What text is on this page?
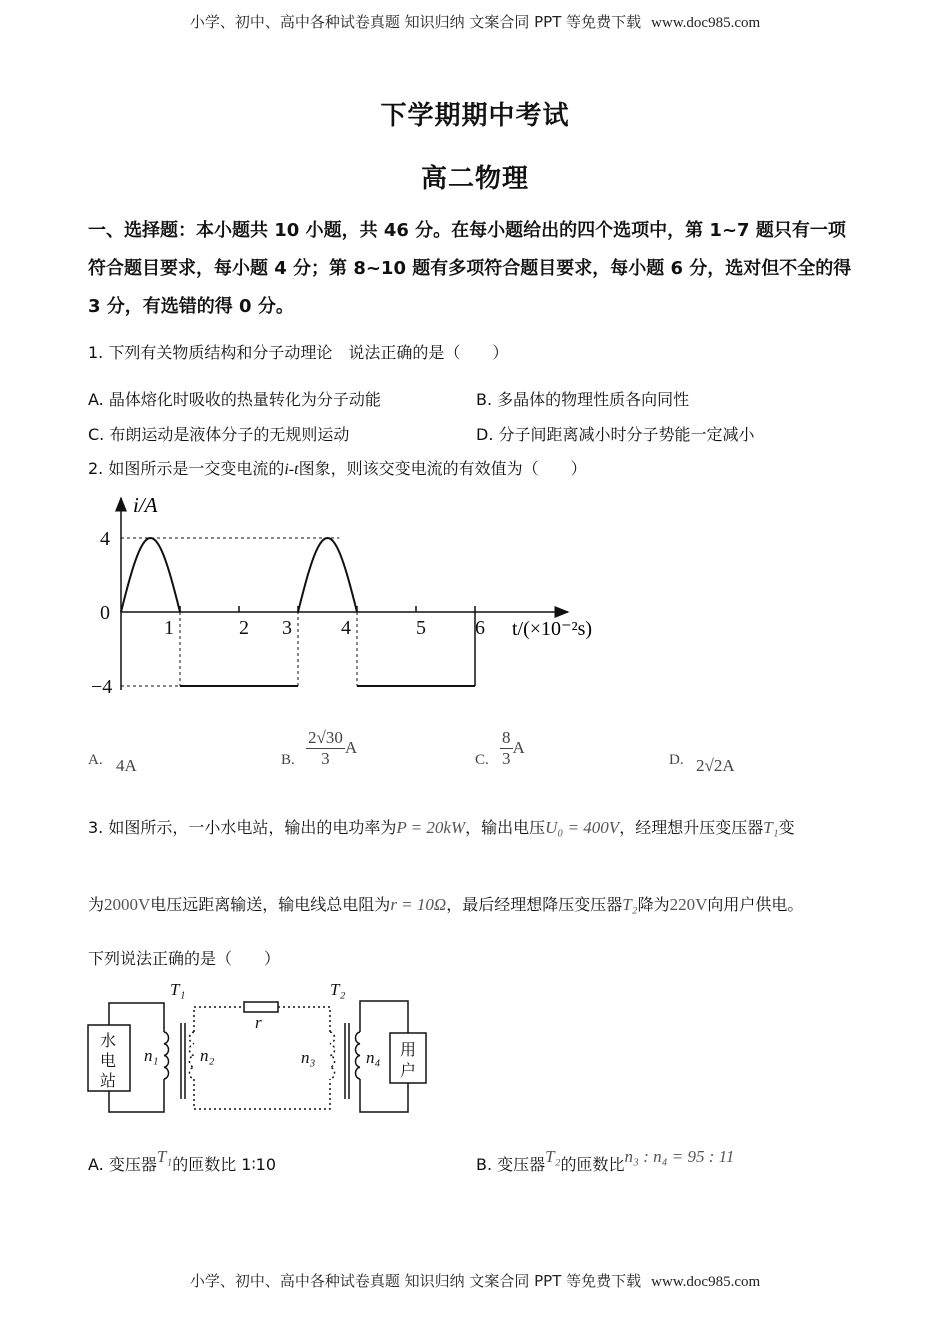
小学、初中、高中各种试卷真题 知识归纳 文案合同 PPT 等免费下载 www.doc985.com
下学期期中考试
高二物理
一、选择题：本小题共 10 小题，共 46 分。在每小题给出的四个选项中，第 1~7 题只有一项
符合题目要求，每小题 4 分；第 8~10 题有多项符合题目要求，每小题 6 分，选对但不全的得
3 分，有选错的得 0 分。
1. 下列有关物质结构和分子动理论　说法正确的是（　　）
A. 晶体熔化时吸收的热量转化为分子动能	B. 多晶体的物理性质各向同性
C. 布朗运动是液体分子的无规则运动	D. 分子间距离减小时分子势能一定减小
2. 如图所示是一交变电流的i-t图象，则该交变电流的有效值为（　　）
1	2 3 4	5 6
4
0
−4
i/A
t/(×10⁻²s)
A. 4A	B. $\frac{2√30}{3}$ A
C. $\frac{8}{3}$ A
D. 2√2A
3. 如图所示，一小水电站，输出的电功率为P = 20kW，输出电压U₀ = 400V，经理想升压变压器T₁变
为2000V电压远距离输送，输电线总电阻为r = 10Ω，最后经理想降压变压器T₂降为220V向用户供电。
下列说法正确的是（　　）
水
电
站
用
户
T₁	T₂
r
n₁ n₂	n₃	n₄
A. 变压器T₁的匝数比 1∶10	B. 变压器T₂的匝数比n₃ : n₄ = 95 : 11
小学、初中、高中各种试卷真题 知识归纳 文案合同 PPT 等免费下载 www.doc985.com
